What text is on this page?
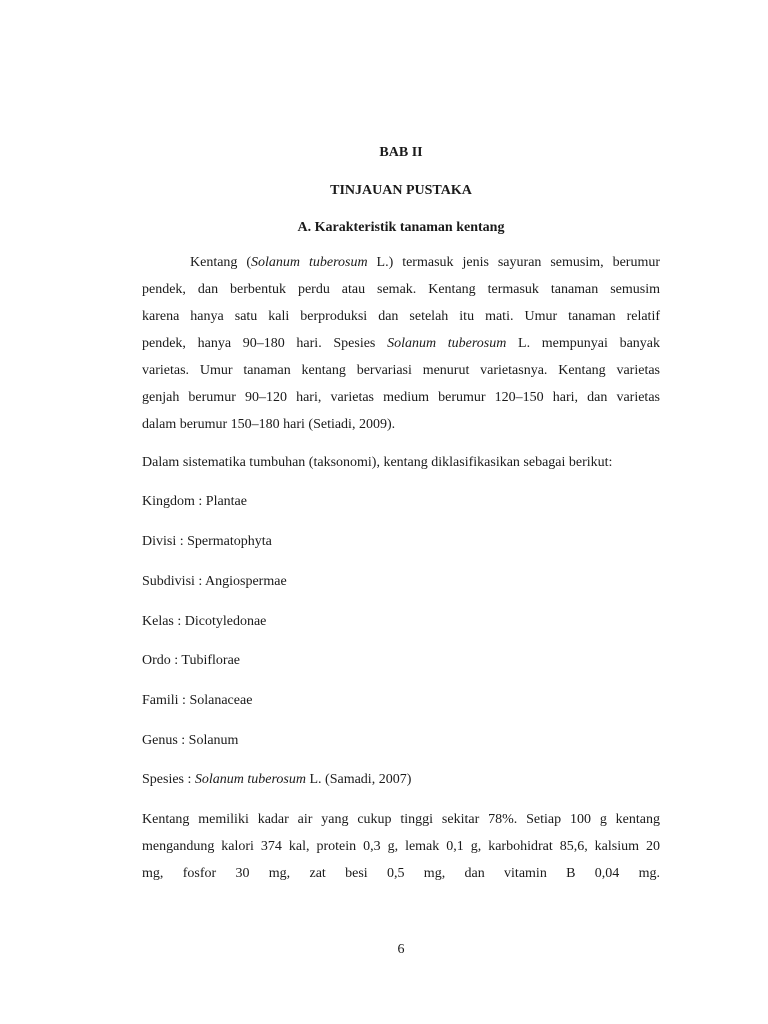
BAB II
TINJAUAN PUSTAKA
A. Karakteristik tanaman kentang
Kentang (Solanum tuberosum L.) termasuk jenis sayuran semusim, berumur
pendek, dan berbentuk perdu atau semak. Kentang termasuk tanaman semusim
karena hanya satu kali berproduksi dan setelah itu mati. Umur tanaman relatif
pendek, hanya 90–180 hari. Spesies Solanum tuberosum L. mempunyai banyak
varietas. Umur tanaman kentang bervariasi menurut varietasnya. Kentang varietas
genjah berumur 90–120 hari, varietas medium berumur 120–150 hari, dan varietas
dalam berumur 150–180 hari (Setiadi, 2009).

Dalam sistematika tumbuhan (taksonomi), kentang diklasifikasikan sebagai berikut:

Kingdom : Plantae

Divisi : Spermatophyta

Subdivisi : Angiospermae

Kelas : Dicotyledonae

Ordo : Tubiflorae

Famili : Solanaceae

Genus : Solanum

Spesies : Solanum tuberosum L. (Samadi, 2007)

Kentang memiliki kadar air yang cukup tinggi sekitar 78%. Setiap 100 g kentang
mengandung kalori 374 kal, protein 0,3 g, lemak 0,1 g, karbohidrat 85,6, kalsium 20
mg, fosfor 30 mg, zat besi 0,5 mg, dan vitamin B 0,04 mg.
6
